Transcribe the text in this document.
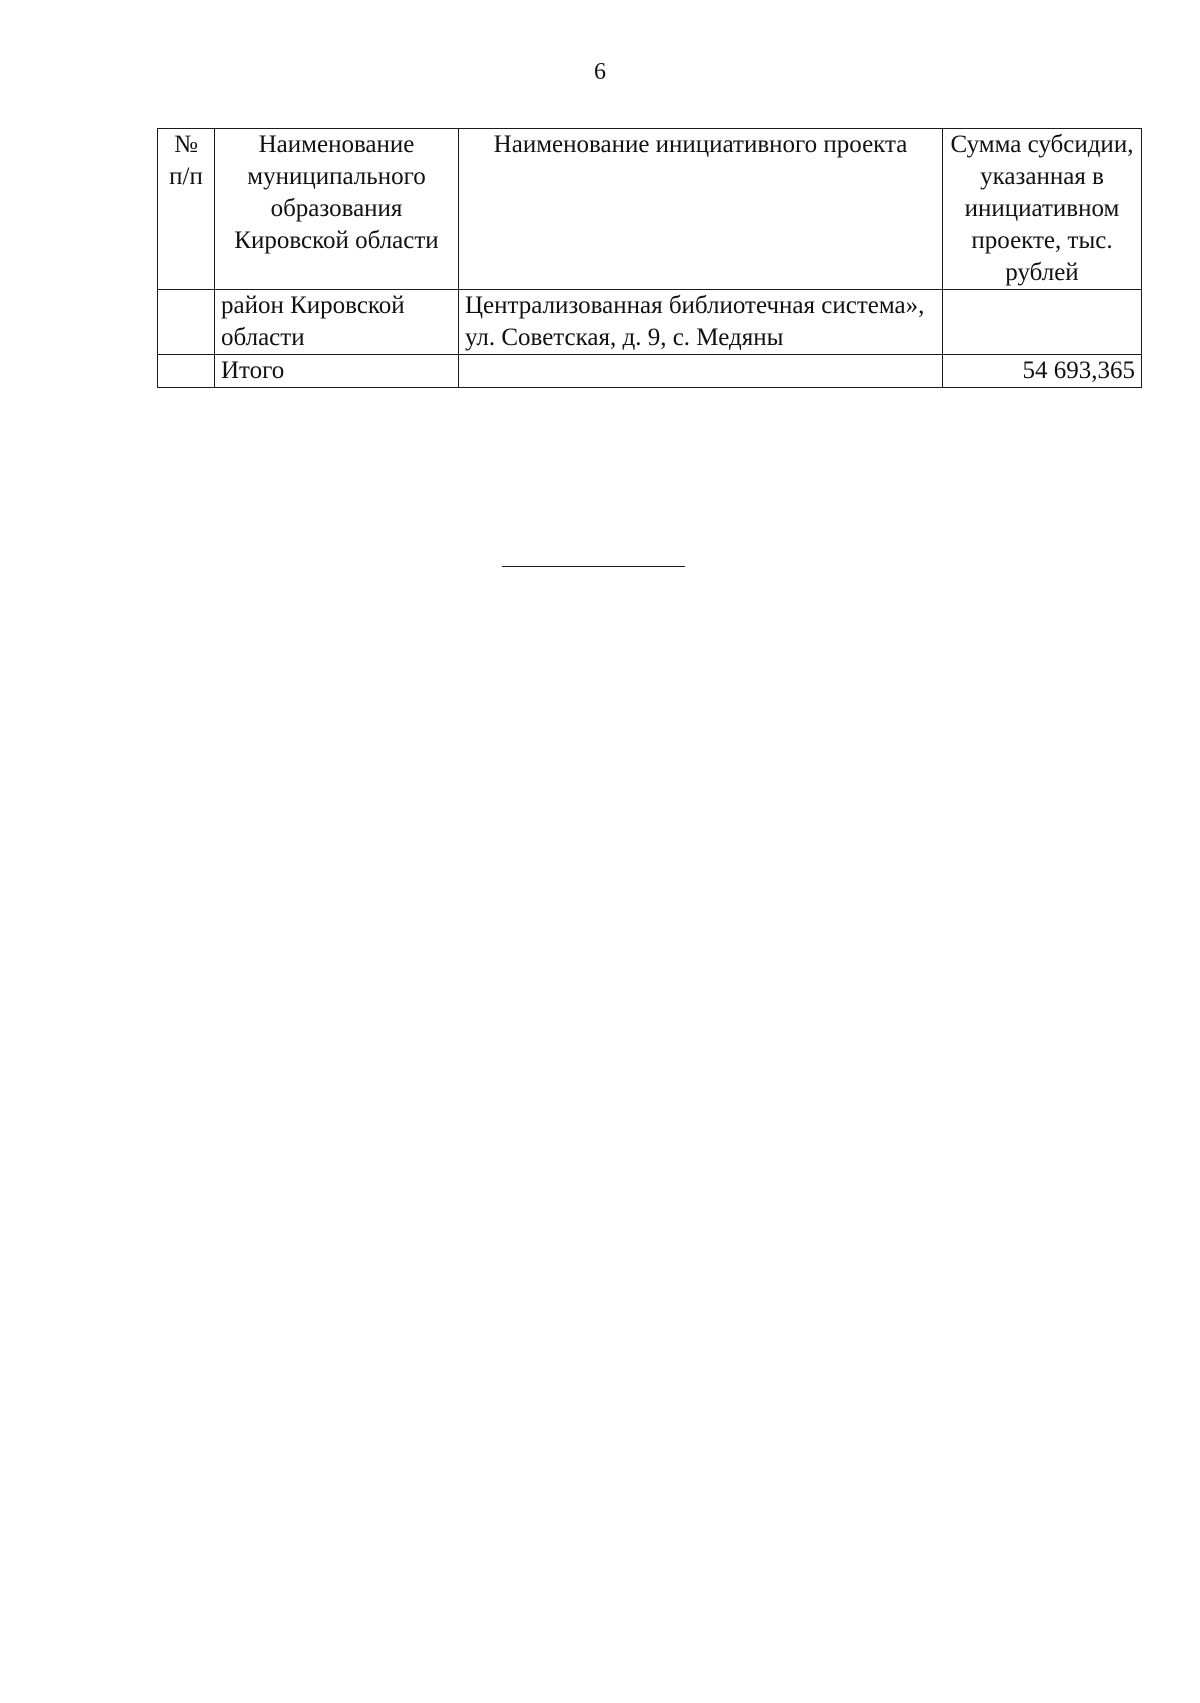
6
№ п/п	Наименование муниципального образования Кировской области	Наименование инициативного проекта	Сумма субсидии, указанная в инициативном проекте, тыс. рублей
	район Кировской области	Централизованная библиотечная система», ул. Советская, д. 9, с. Медяны	
	Итого		54 693,365
